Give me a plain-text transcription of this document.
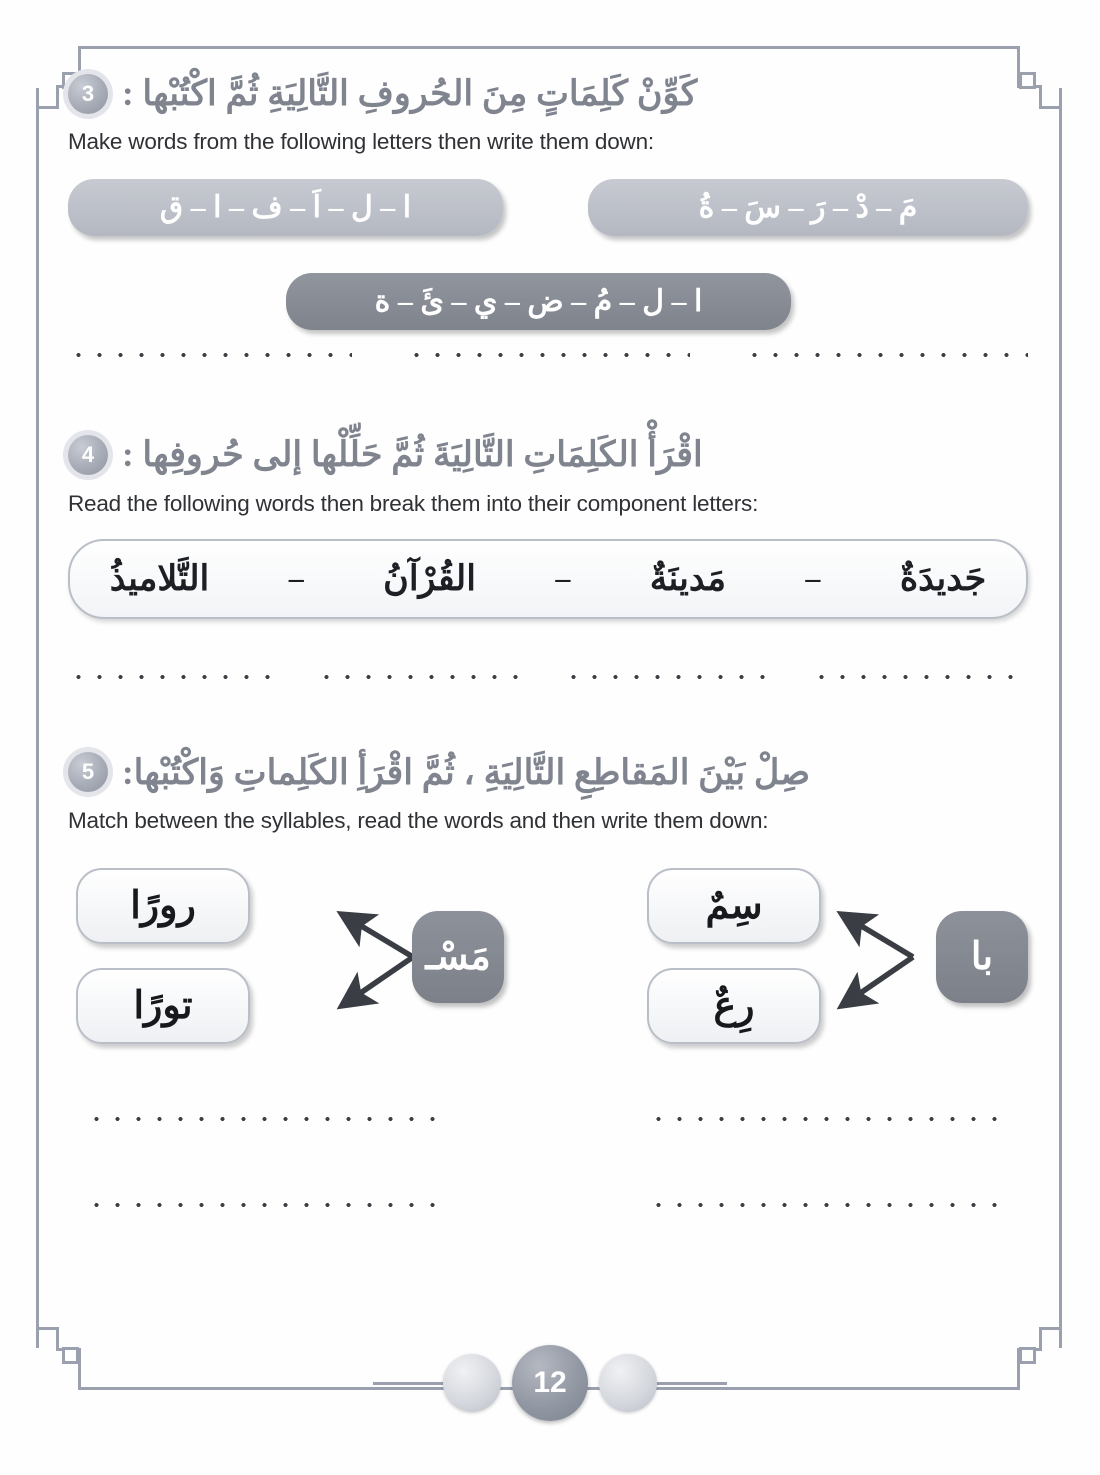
3 كَوِّنْ كَلِمَاتٍ مِنَ الحُروفِ التَّالِيَةِ ثُمَّ اكْتُبْها :
Make words from the following letters then write them down:
مَ – دْ – رَ – سَ – ةُ
ا – ل – اَ – ف – ا – ق
ا – ل – مُ – ض – ي – ئَ – ة
4 اقْرَأْ الكَلِمَاتِ التَّالِيَةَ ثُمَّ حَلِّلْها إلى حُروفِها :
Read the following words then break them into their component letters:
جَديدَةٌ
–
مَدينَةٌ
–
القُرْآنُ
–
التَّلاميذُ
5 صِلْ بَيْنَ المَقاطِعِ التَّالِيَةِ ، ثُمَّ اقْرَأِ الكَلِماتِ وَاكْتُبْها:
Match between the syllables, read the words and then write them down:
با
سِمٌ
رِعٌ
مَسْـ
رورًا
تورًا
12
